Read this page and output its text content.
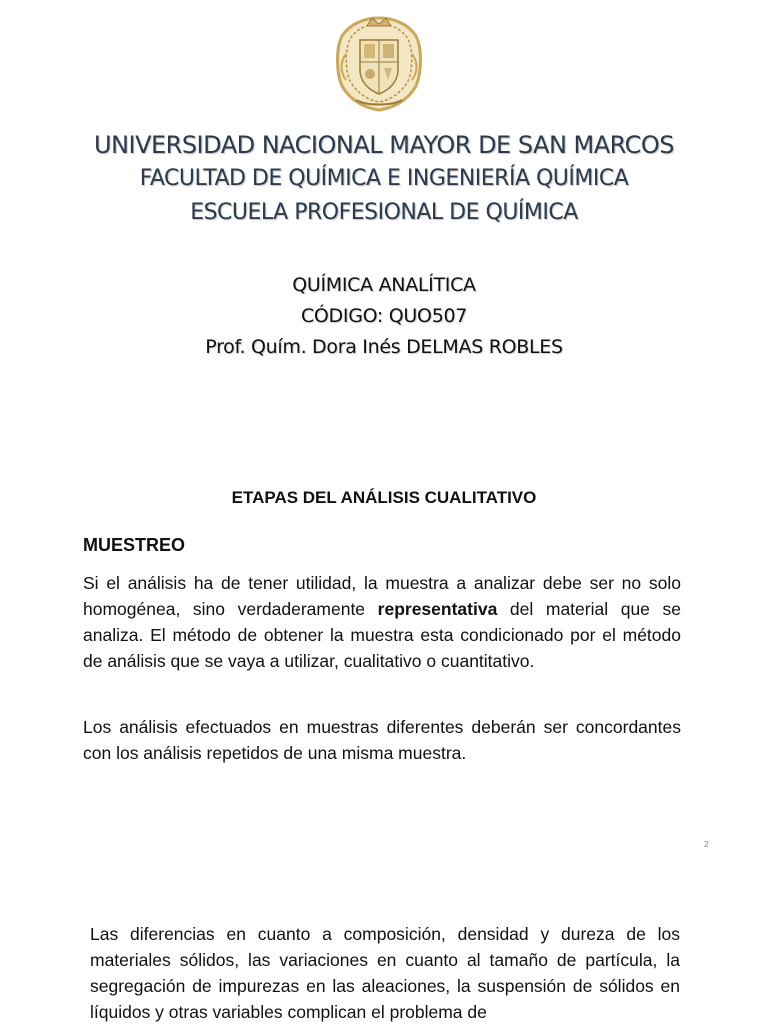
UNIVERSIDAD NACIONAL MAYOR DE SAN MARCOS
FACULTAD DE QUÍMICA E INGENIERÍA QUÍMICA
ESCUELA PROFESIONAL DE QUÍMICA
QUÍMICA ANALÍTICA
CÓDIGO: QUO507
Prof. Quím. Dora Inés DELMAS ROBLES
ETAPAS DEL ANÁLISIS CUALITATIVO
MUESTREO

Si el análisis ha de tener utilidad, la muestra a analizar debe ser no solo homogénea, sino verdaderamente representativa del material que se analiza. El método de obtener la muestra esta condicionado por el método de análisis que se vaya a utilizar, cualitativo o cuantitativo.

Los análisis efectuados en muestras diferentes deberán ser concordantes con los análisis repetidos de una misma muestra.

2

Las diferencias en cuanto a composición, densidad y dureza de los materiales sólidos, las variaciones en cuanto al tamaño de partícula, la segregación de impurezas en las aleaciones, la suspensión de sólidos en líquidos y otras variables complican el problema de
